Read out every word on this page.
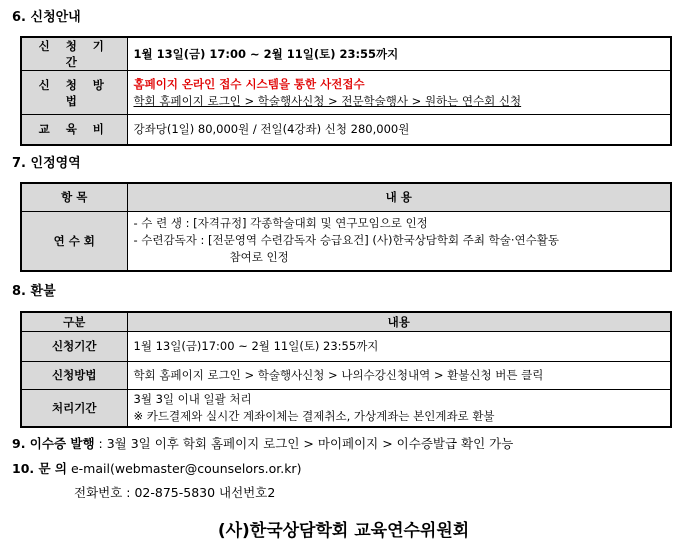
6. 신청안내
신 청 기 간	1월 13일(금) 17:00 ~ 2월 11일(토) 23:55까지
신 청 방 법	홈페이지 온라인 접수 시스템을 통한 사전접수
학회 홈페이지 로그인 > 학술행사신청 > 전문학술행사 > 원하는 연수회 신청

교 육 비	강좌당(1일) 80,000원 / 전일(4강좌) 신청 280,000원
7. 인정영역
항 목	내 용
연 수 회	- 수 련 생 : [자격규정] 각종학술대회 및 연구모임으로 인정
- 수련감독자 : [전문영역 수련감독자 승급요건] (사)한국상담학회 주최 학술·연수활동
참여로 인정
8. 환불
구분	내용
신청기간	1월 13일(금)17:00 ~ 2월 11일(토) 23:55까지
신청방법	학회 홈페이지 로그인 > 학술행사신청 > 나의수강신청내역 > 환불신청 버튼 클릭
처리기간	3월 3일 이내 일괄 처리
※ 카드결제와 실시간 계좌이체는 결제취소, 가상계좌는 본인계좌로 환불
9. 이수증 발행 : 3월 3일 이후 학회 홈페이지 로그인 > 마이페이지 > 이수증발급 확인 가능
10. 문 의 e-mail(webmaster@counselors.or.kr)
전화번호 : 02-875-5830 내선번호2
(사)한국상담학회 교육연수위원회
